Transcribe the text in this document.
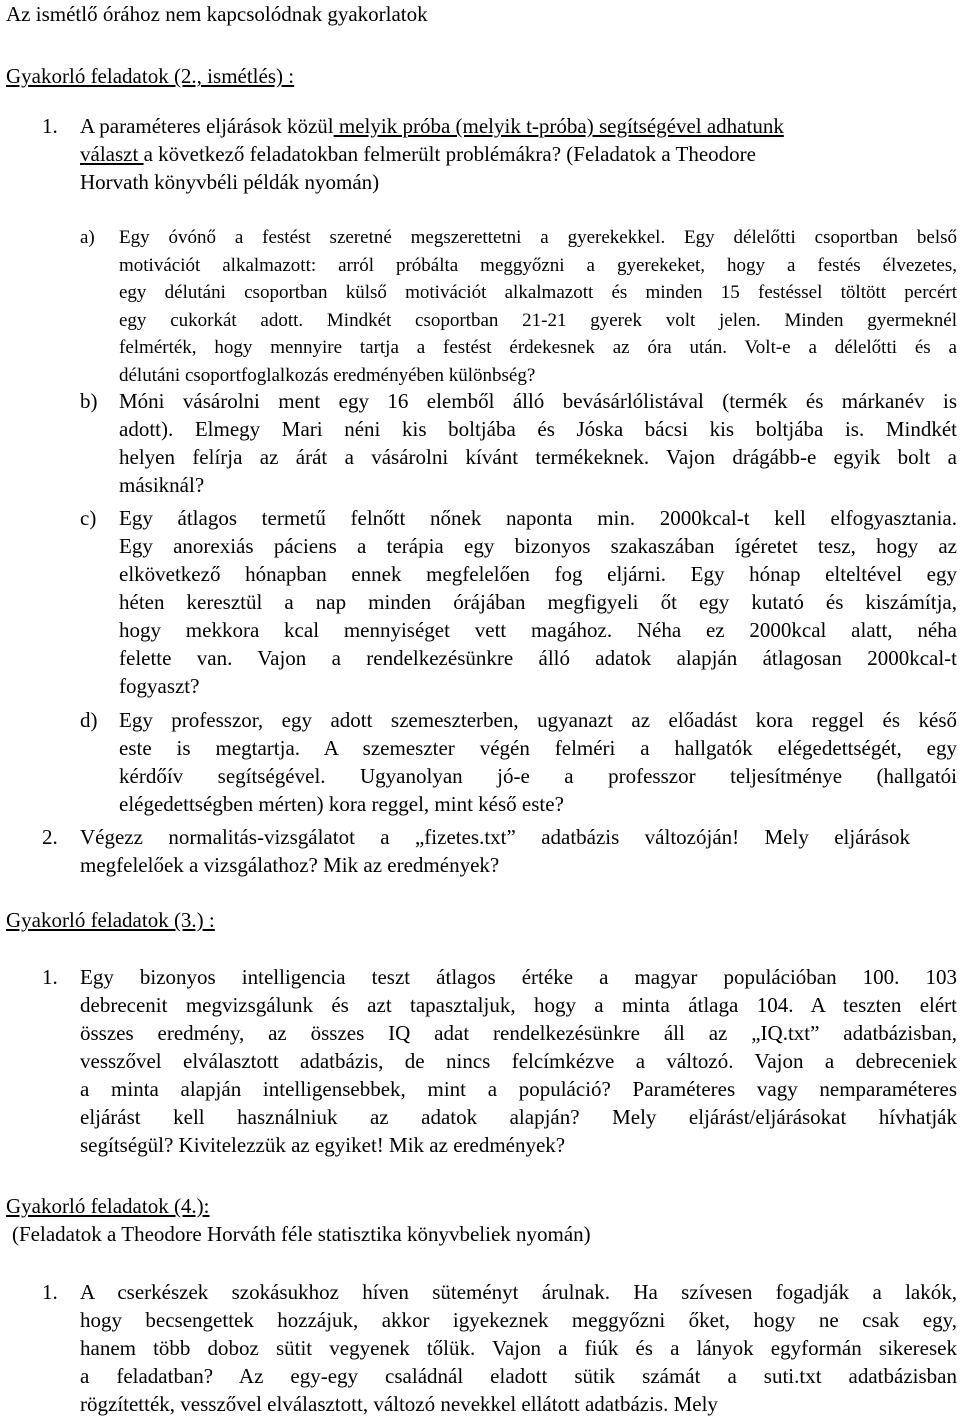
Az ismétlő órához nem kapcsolódnak gyakorlatok
Gyakorló feladatok (2., ismétlés) :
1. A paraméteres eljárások közül melyik próba (melyik t-próba) segítségével adhatunk
választ a következő feladatokban felmerült problémákra? (Feladatok a Theodore
Horvath könyvbéli példák nyomán)
a) Egy óvónő a festést szeretné megszerettetni a gyerekekkel. Egy délelőtti csoportban belső
motivációt alkalmazott: arról próbálta meggyőzni a gyerekeket, hogy a festés élvezetes,
egy délutáni csoportban külső motivációt alkalmazott és minden 15 festéssel töltött percért
egy cukorkát adott. Mindkét csoportban 21-21 gyerek volt jelen. Minden gyermeknél
felmérték, hogy mennyire tartja a festést érdekesnek az óra után. Volt-e a délelőtti és a
délutáni csoportfoglalkozás eredményében különbség?
b) Móni vásárolni ment egy 16 elemből álló bevásárlólistával (termék és márkanév is
adott). Elmegy Mari néni kis boltjába és Jóska bácsi kis boltjába is. Mindkét
helyen felírja az árát a vásárolni kívánt termékeknek. Vajon drágább-e egyik bolt a
másiknál?
c) Egy átlagos termetű felnőtt nőnek naponta min. 2000kcal-t kell elfogyasztania.
Egy anorexiás páciens a terápia egy bizonyos szakaszában ígéretet tesz, hogy az
elkövetkező hónapban ennek megfelelően fog eljárni. Egy hónap elteltével egy
héten keresztül a nap minden órájában megfigyeli őt egy kutató és kiszámítja,
hogy mekkora kcal mennyiséget vett magához. Néha ez 2000kcal alatt, néha
felette van. Vajon a rendelkezésünkre álló adatok alapján átlagosan 2000kcal-t
fogyaszt?
d) Egy professzor, egy adott szemeszterben, ugyanazt az előadást kora reggel és késő
este is megtartja. A szemeszter végén felméri a hallgatók elégedettségét, egy
kérdőív segítségével. Ugyanolyan jó-e a professzor teljesítménye (hallgatói
elégedettségben mérten) kora reggel, mint késő este?
2. Végezz normalitás-vizsgálatot a „fizetes.txt” adatbázis változóján! Mely eljárások
megfelelőek a vizsgálathoz? Mik az eredmények?
Gyakorló feladatok (3.) :
1. Egy bizonyos intelligencia teszt átlagos értéke a magyar populációban 100. 103
debrecenit megvizsgálunk és azt tapasztaljuk, hogy a minta átlaga 104. A teszten elért
összes eredmény, az összes IQ adat rendelkezésünkre áll az „IQ.txt” adatbázisban,
vesszővel elválasztott adatbázis, de nincs felcímkézve a változó. Vajon a debreceniek
a minta alapján intelligensebbek, mint a populáció? Paraméteres vagy nemparaméteres
eljárást kell használniuk az adatok alapján? Mely eljárást/eljárásokat hívhatják
segítségül? Kivitelezzük az egyiket! Mik az eredmények?
Gyakorló feladatok (4.):
(Feladatok a Theodore Horváth féle statisztika könyvbeliek nyomán)
1. A cserkészek szokásukhoz híven süteményt árulnak. Ha szívesen fogadják a lakók,
hogy becsengettek hozzájuk, akkor igyekeznek meggyőzni őket, hogy ne csak egy,
hanem több doboz sütit vegyenek tőlük. Vajon a fiúk és a lányok egyformán sikeresek
a feladatban? Az egy-egy családnál eladott sütik számát a suti.txt adatbázisban
rögzítették, vesszővel elválasztott, változó nevekkel ellátott adatbázis. Mely
